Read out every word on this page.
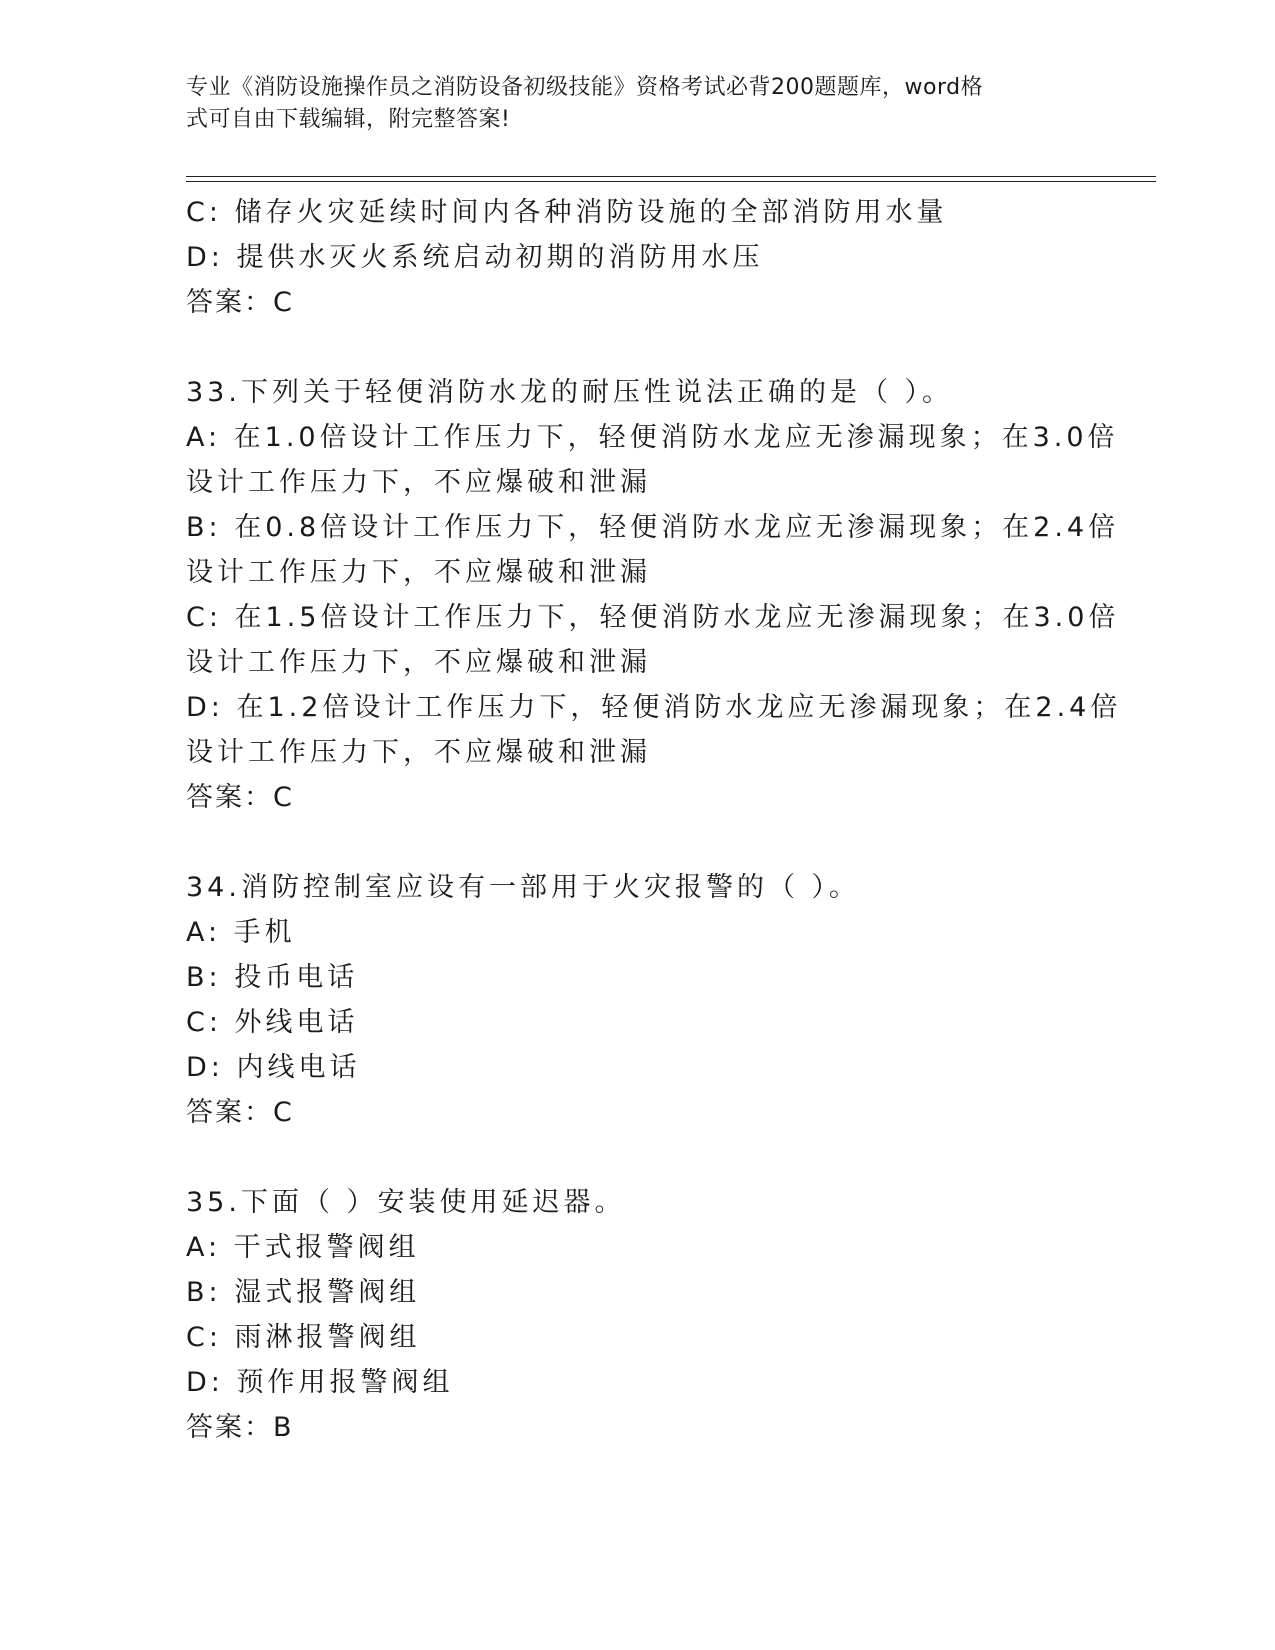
专业《消防设施操作员之消防设备初级技能》资格考试必背200题题库，word格
式可自由下载编辑，附完整答案!
C: 储存火灾延续时间内各种消防设施的全部消防用水量
D: 提供水灭火系统启动初期的消防用水压
答案：C
33.下列关于轻便消防水龙的耐压性说法正确的是（ ）。
A: 在1.0倍设计工作压力下，轻便消防水龙应无渗漏现象；在3.0倍
设计工作压力下，不应爆破和泄漏
B: 在0.8倍设计工作压力下，轻便消防水龙应无渗漏现象；在2.4倍
设计工作压力下，不应爆破和泄漏
C: 在1.5倍设计工作压力下，轻便消防水龙应无渗漏现象；在3.0倍
设计工作压力下，不应爆破和泄漏
D: 在1.2倍设计工作压力下，轻便消防水龙应无渗漏现象；在2.4倍
设计工作压力下，不应爆破和泄漏
答案：C
34.消防控制室应设有一部用于火灾报警的（ ）。
A: 手机
B: 投币电话
C: 外线电话
D: 内线电话
答案：C
35.下面（ ）安装使用延迟器。
A: 干式报警阀组
B: 湿式报警阀组
C: 雨淋报警阀组
D: 预作用报警阀组
答案：B
